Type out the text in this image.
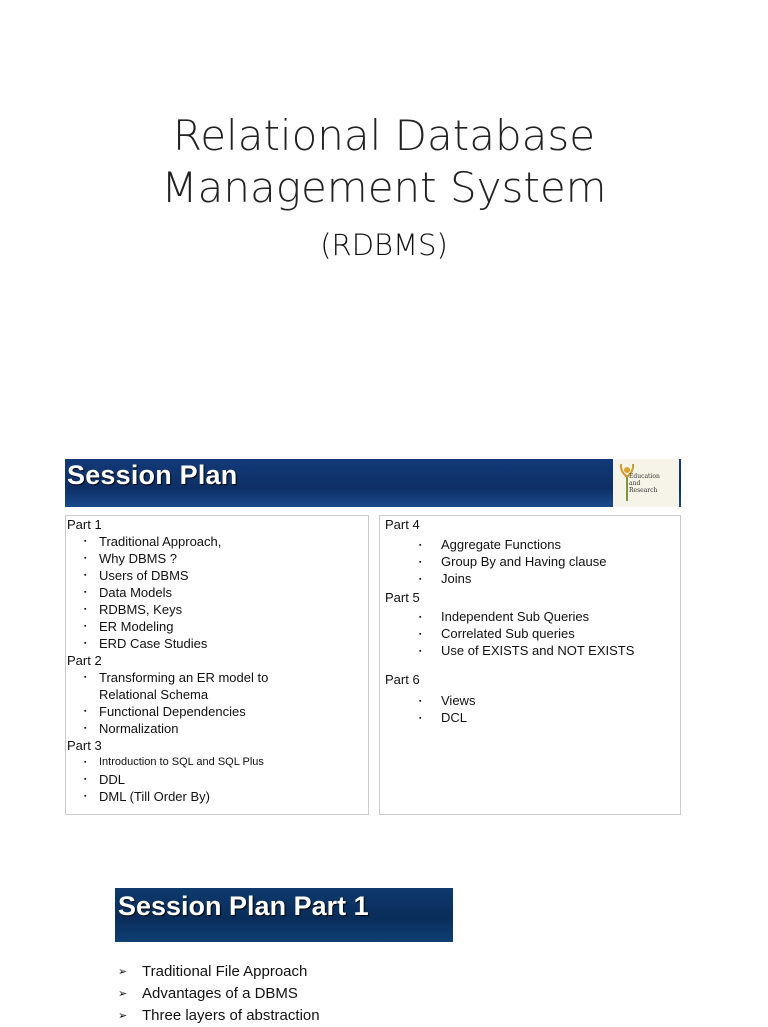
Relational Database
Management System
(RDBMS)
Session Plan	Education
and
Research
Part 1
▪ Traditional Approach,
▪ Why DBMS ?
▪ Users of DBMS
▪ Data Models
▪ RDBMS, Keys
▪ ER Modeling
▪ ERD Case Studies
Part 2
▪ Transforming an ER model to
Relational Schema
▪ Functional Dependencies
▪ Normalization
Part 3
▪ Introduction to SQL and SQL Plus
▪ DDL
▪ DML (Till Order By)
Part 4
▪ Aggregate Functions
▪ Group By and Having clause
▪ Joins
Part 5
▪ Independent Sub Queries
▪ Correlated Sub queries
▪ Use of EXISTS and NOT EXISTS
Part 6
▪ Views
▪ DCL
Session Plan Part 1
➢ Traditional File Approach
➢ Advantages of a DBMS
➢ Three layers of abstraction
